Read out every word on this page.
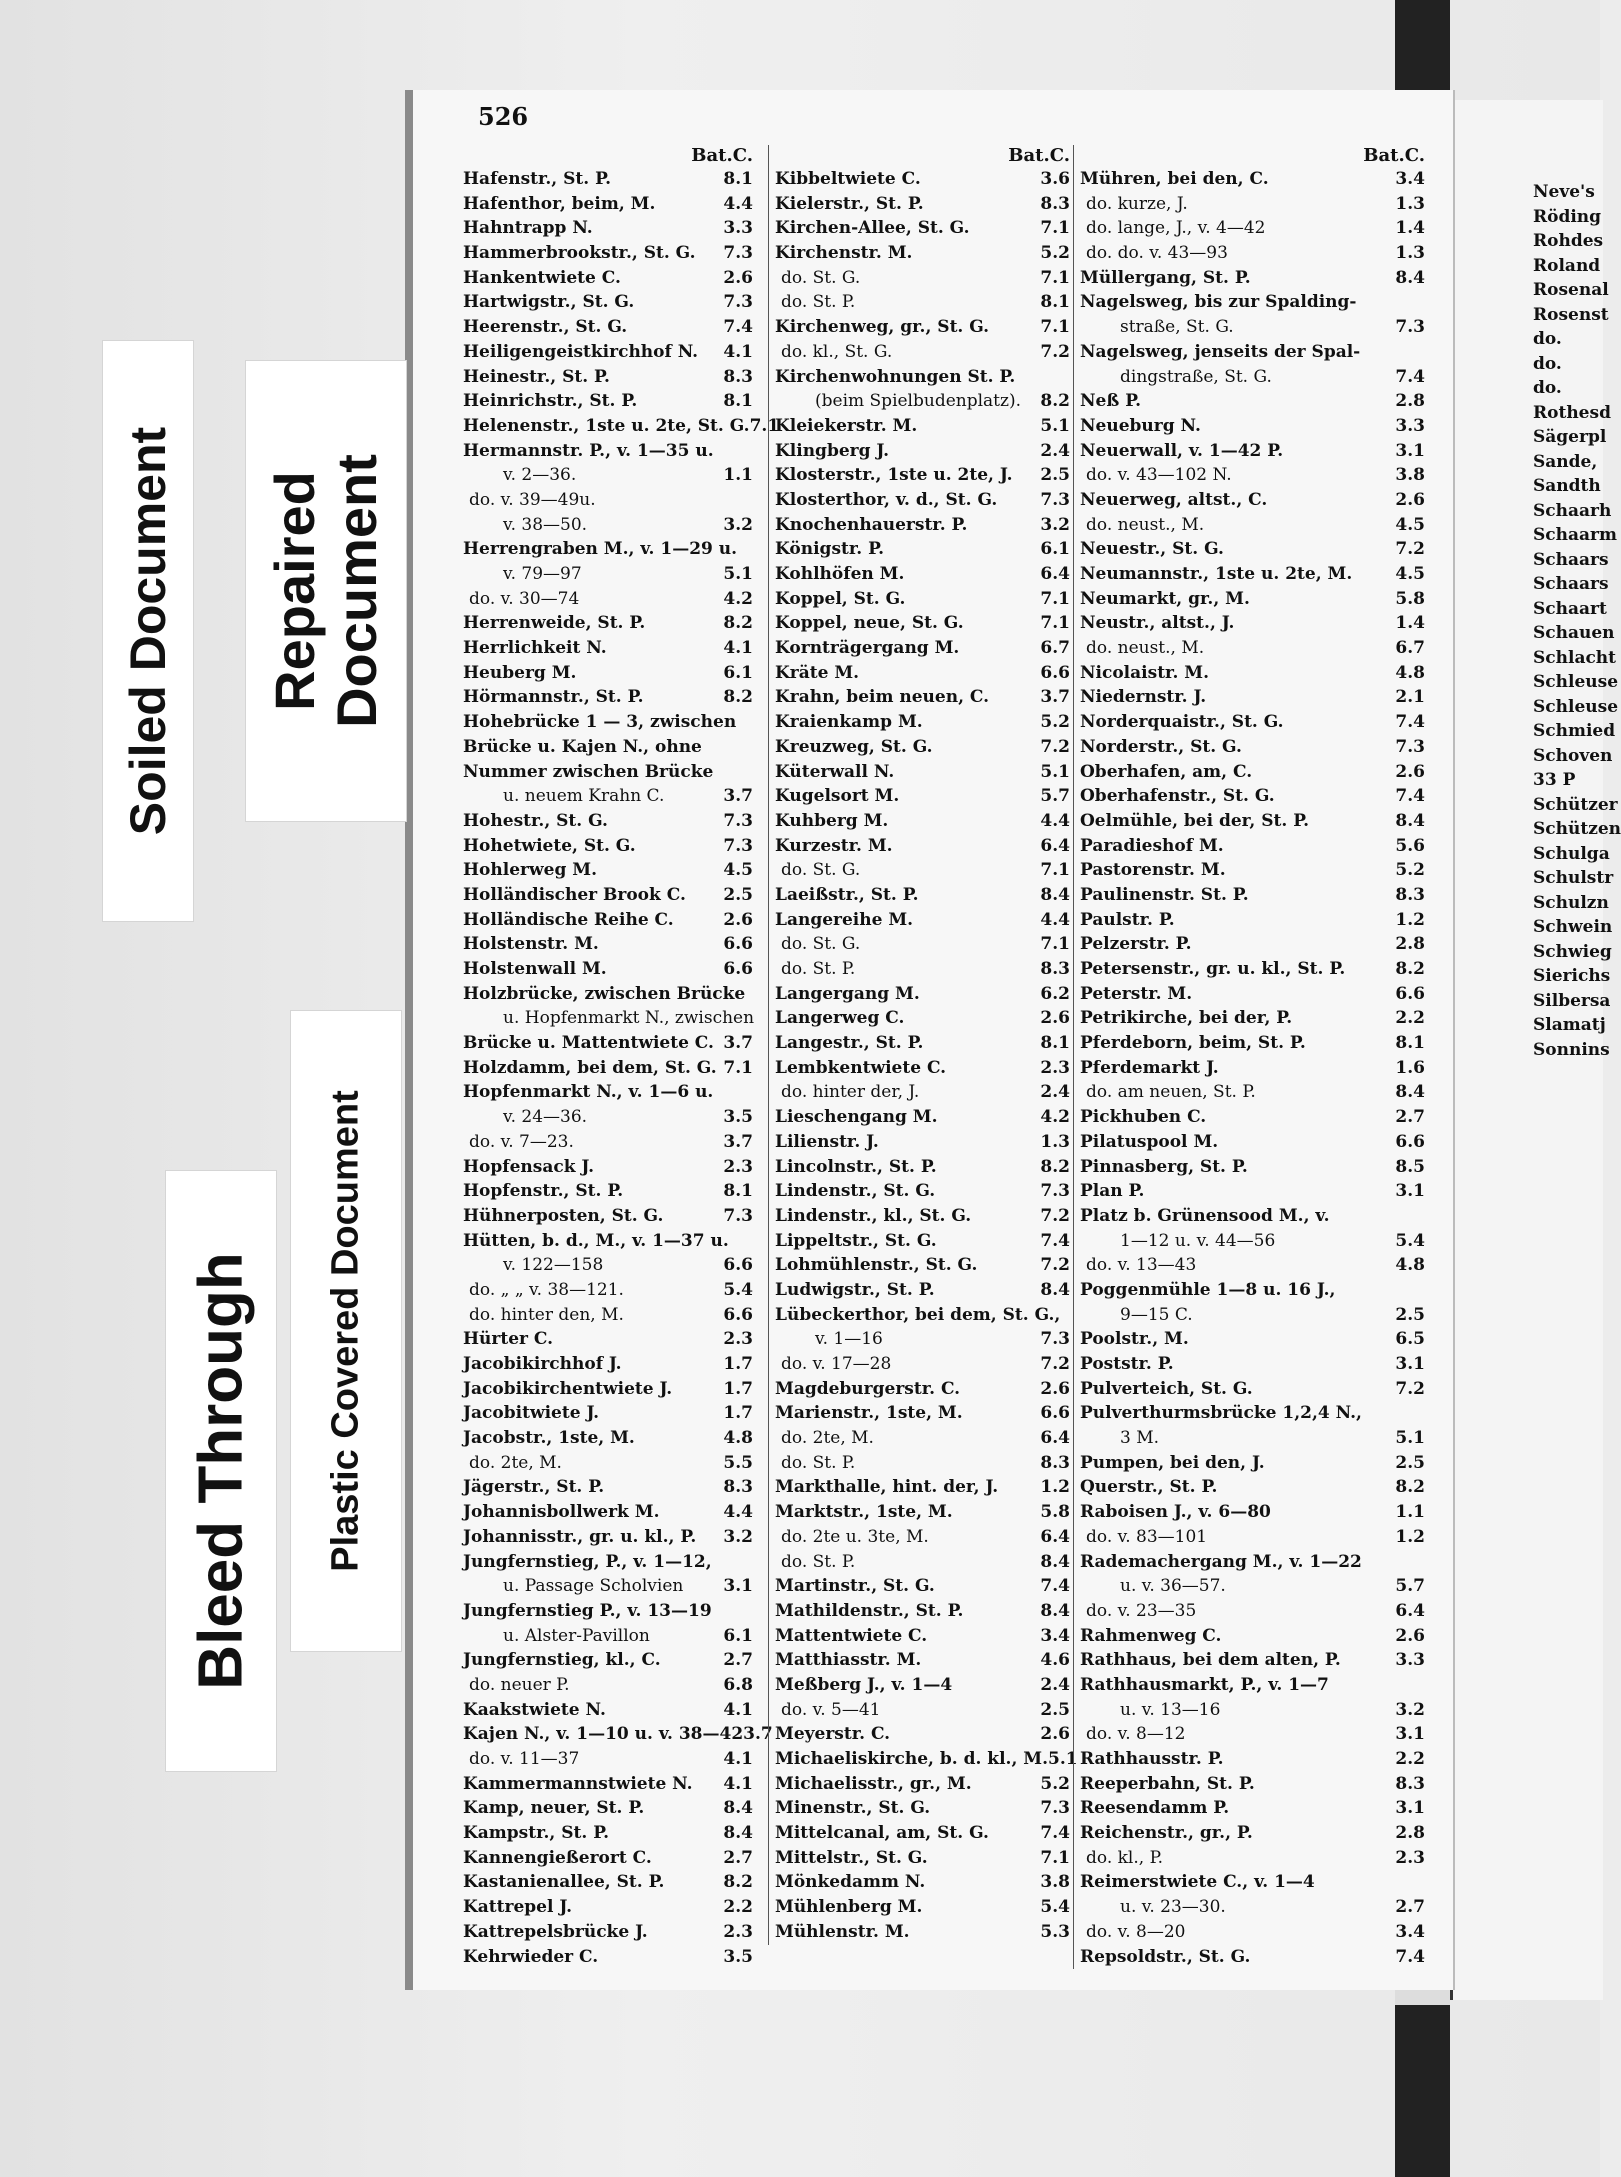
Neve's
Röding
Rohdes
Roland
Rosenal
Rosenst
do.
do.
do.
Rothesd
Sägerpl
Sande,
Sandth
Schaarh
Schaarm
Schaars
Schaars
Schaart
Schauen
Schlacht
Schleuse
Schleuse
Schmied
Schoven
33 P
Schützer
Schützen
Schulga
Schulstr
Schulzn
Schwein
Schwieg
Sierichs
Silbersa
Slamatj
Sonnins
526
Bat.C.
Hafenstr., St. P.	8.1
Hafenthor, beim, M.	4.4
Hahntrapp N.	3.3
Hammerbrookstr., St. G.	7.3
Hankentwiete C.	2.6
Hartwigstr., St. G.	7.3
Heerenstr., St. G.	7.4
Heiligengeistkirchhof N.	4.1
Heinestr., St. P.	8.3
Heinrichstr., St. P.	8.1
Helenenstr., 1ste u. 2te, St. G. 7.1
Hermannstr. P., v. 1—35 u.
v. 2—36.	1.1
do. v. 39—49u.
v. 38—50.	3.2
Herrengraben M., v. 1—29 u.
v. 79—97	5.1
do. v. 30—74	4.2
Herrenweide, St. P.	8.2
Herrlichkeit N.	4.1
Heuberg M.	6.1
Hörmannstr., St. P.	8.2
Hohebrücke 1 — 3, zwischen
Brücke u. Kajen N., ohne
Nummer zwischen Brücke
u. neuem Krahn C.	3.7
Hohestr., St. G.	7.3
Hohetwiete, St. G.	7.3
Hohlerweg M.	4.5
Holländischer Brook C.	2.5
Holländische Reihe C.	2.6
Holstenstr. M.	6.6
Holstenwall M.	6.6
Holzbrücke, zwischen Brücke
u. Hopfenmarkt N., zwischen
Brücke u. Mattentwiete C. 3.7
Holzdamm, bei dem, St. G. 7.1
Hopfenmarkt N., v. 1—6 u.
v. 24—36.	3.5
do. v. 7—23.	3.7
Hopfensack J.	2.3
Hopfenstr., St. P.	8.1
Hühnerposten, St. G.	7.3
Hütten, b. d., M., v. 1—37 u.
v. 122—158	6.6
do. „ „ v. 38—121.	5.4
do. hinter den, M.	6.6
Hürter C.	2.3
Jacobikirchhof J.	1.7
Jacobikirchentwiete J.	1.7
Jacobitwiete J.	1.7
Jacobstr., 1ste, M.	4.8
do. 2te, M.	5.5
Jägerstr., St. P.	8.3
Johannisbollwerk M.	4.4
Johannisstr., gr. u. kl., P.	3.2
Jungfernstieg, P., v. 1—12,
u. Passage Scholvien	3.1
Jungfernstieg P., v. 13—19
u. Alster-Pavillon	6.1
Jungfernstieg, kl., C.	2.7
do. neuer P.	6.8
Kaakstwiete N.	4.1
Kajen N., v. 1—10 u. v. 38—42 3.7
do. v. 11—37	4.1
Kammermannstwiete N.	4.1
Kamp, neuer, St. P.	8.4
Kampstr., St. P.	8.4
Kannengießerort C.	2.7
Kastanienallee, St. P.	8.2
Kattrepel J.	2.2
Kattrepelsbrücke J.	2.3
Kehrwieder C.	3.5
Bat.C.
Kibbeltwiete C.	3.6
Kielerstr., St. P.	8.3
Kirchen-Allee, St. G.	7.1
Kirchenstr. M.	5.2
do. St. G.	7.1
do. St. P.	8.1
Kirchenweg, gr., St. G.	7.1
do. kl., St. G.	7.2
Kirchenwohnungen St. P.
(beim Spielbudenplatz).	8.2
Kleiekerstr. M.	5.1
Klingberg J.	2.4
Klosterstr., 1ste u. 2te, J.	2.5
Klosterthor, v. d., St. G.	7.3
Knochenhauerstr. P.	3.2
Königstr. P.	6.1
Kohlhöfen M.	6.4
Koppel, St. G.	7.1
Koppel, neue, St. G.	7.1
Kornträgergang M.	6.7
Kräte M.	6.6
Krahn, beim neuen, C.	3.7
Kraienkamp M.	5.2
Kreuzweg, St. G.	7.2
Küterwall N.	5.1
Kugelsort M.	5.7
Kuhberg M.	4.4
Kurzestr. M.	6.4
do. St. G.	7.1
Laeißstr., St. P.	8.4
Langereihe M.	4.4
do. St. G.	7.1
do. St. P.	8.3
Langergang M.	6.2
Langerweg C.	2.6
Langestr., St. P.	8.1
Lembkentwiete C.	2.3
do. hinter der, J.	2.4
Lieschengang M.	4.2
Lilienstr. J.	1.3
Lincolnstr., St. P.	8.2
Lindenstr., St. G.	7.3
Lindenstr., kl., St. G.	7.2
Lippeltstr., St. G.	7.4
Lohmühlenstr., St. G.	7.2
Ludwigstr., St. P.	8.4
Lübeckerthor, bei dem, St. G.,
v. 1—16	7.3
do. v. 17—28	7.2
Magdeburgerstr. C.	2.6
Marienstr., 1ste, M.	6.6
do. 2te, M.	6.4
do. St. P.	8.3
Markthalle, hint. der, J.	1.2
Marktstr., 1ste, M.	5.8
do. 2te u. 3te, M.	6.4
do. St. P.	8.4
Martinstr., St. G.	7.4
Mathildenstr., St. P.	8.4
Mattentwiete C.	3.4
Matthiasstr. M.	4.6
Meßberg J., v. 1—4	2.4
do. v. 5—41	2.5
Meyerstr. C.	2.6
Michaeliskirche, b. d. kl., M. 5.1
Michaelisstr., gr., M.	5.2
Minenstr., St. G.	7.3
Mittelcanal, am, St. G.	7.4
Mittelstr., St. G.	7.1
Mönkedamm N.	3.8
Mühlenberg M.	5.4
Mühlenstr. M.	5.3
Bat.C.
Mühren, bei den, C.	3.4
do. kurze, J.	1.3
do. lange, J., v. 4—42	1.4
do. do. v. 43—93	1.3
Müllergang, St. P.	8.4
Nagelsweg, bis zur Spalding-
straße, St. G.	7.3
Nagelsweg, jenseits der Spal-
dingstraße, St. G.	7.4
Neß P.	2.8
Neueburg N.	3.3
Neuerwall, v. 1—42 P.	3.1
do. v. 43—102 N.	3.8
Neuerweg, altst., C.	2.6
do. neust., M.	4.5
Neuestr., St. G.	7.2
Neumannstr., 1ste u. 2te, M.	4.5
Neumarkt, gr., M.	5.8
Neustr., altst., J.	1.4
do. neust., M.	6.7
Nicolaistr. M.	4.8
Niedernstr. J.	2.1
Norderquaistr., St. G.	7.4
Norderstr., St. G.	7.3
Oberhafen, am, C.	2.6
Oberhafenstr., St. G.	7.4
Oelmühle, bei der, St. P.	8.4
Paradieshof M.	5.6
Pastorenstr. M.	5.2
Paulinenstr. St. P.	8.3
Paulstr. P.	1.2
Pelzerstr. P.	2.8
Petersenstr., gr. u. kl., St. P.	8.2
Peterstr. M.	6.6
Petrikirche, bei der, P.	2.2
Pferdeborn, beim, St. P.	8.1
Pferdemarkt J.	1.6
do. am neuen, St. P.	8.4
Pickhuben C.	2.7
Pilatuspool M.	6.6
Pinnasberg, St. P.	8.5
Plan P.	3.1
Platz b. Grünensood M., v.
1—12 u. v. 44—56	5.4
do. v. 13—43	4.8
Poggenmühle 1—8 u. 16 J.,
9—15 C.	2.5
Poolstr., M.	6.5
Poststr. P.	3.1
Pulverteich, St. G.	7.2
Pulverthurmsbrücke 1,2,4 N.,
3 M.	5.1
Pumpen, bei den, J.	2.5
Querstr., St. P.	8.2
Raboisen J., v. 6—80	1.1
do. v. 83—101	1.2
Rademachergang M., v. 1—22
u. v. 36—57.	5.7
do. v. 23—35	6.4
Rahmenweg C.	2.6
Rathhaus, bei dem alten, P.	3.3
Rathhausmarkt, P., v. 1—7
u. v. 13—16	3.2
do. v. 8—12	3.1
Rathhausstr. P.	2.2
Reeperbahn, St. P.	8.3
Reesendamm P.	3.1
Reichenstr., gr., P.	2.8
do. kl., P.	2.3
Reimerstwiete C., v. 1—4
u. v. 23—30.	2.7
do. v. 8—20	3.4
Repsoldstr., St. G.	7.4
Soiled Document Repaired Document
Plastic Covered Document
Bleed Through
